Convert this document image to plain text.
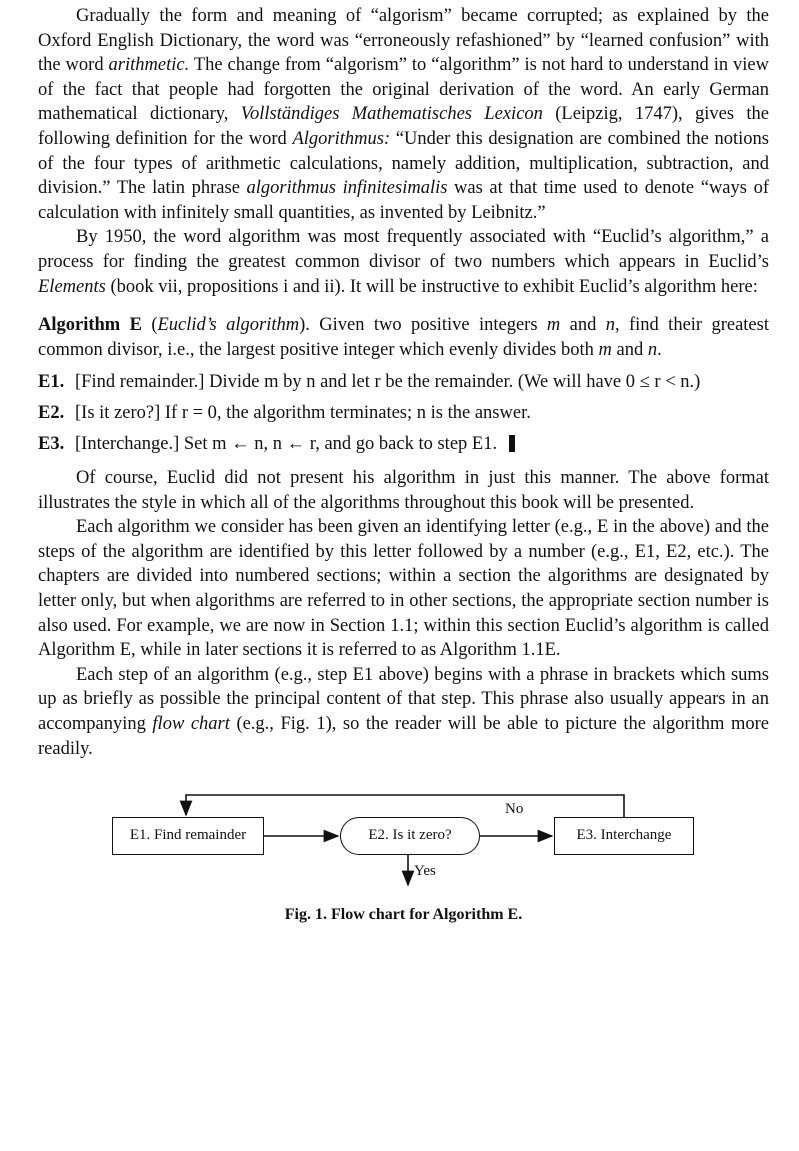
Gradually the form and meaning of “algorism” became corrupted; as explained by the Oxford English Dictionary, the word was “erroneously refashioned” by “learned confusion” with the word arithmetic. The change from “algorism” to “algorithm” is not hard to understand in view of the fact that people had forgotten the original derivation of the word. An early German mathematical dictionary, Vollständiges Mathematisches Lexicon (Leipzig, 1747), gives the following definition for the word Algorithmus: “Under this designation are combined the notions of the four types of arithmetic calculations, namely addition, multiplication, subtraction, and division.” The latin phrase algorithmus infinitesimalis was at that time used to denote “ways of calculation with infinitely small quantities, as invented by Leibnitz.”

By 1950, the word algorithm was most frequently associated with “Euclid’s algorithm,” a process for finding the greatest common divisor of two numbers which appears in Euclid’s Elements (book vii, propositions i and ii). It will be instructive to exhibit Euclid’s algorithm here:

Algorithm E (Euclid’s algorithm). Given two positive integers m and n, find their greatest common divisor, i.e., the largest positive integer which evenly divides both m and n.

E1. [Find remainder.] Divide m by n and let r be the remainder. (We will have 0 ≤ r < n.)
E2. [Is it zero?] If r = 0, the algorithm terminates; n is the answer.
E3. [Interchange.] Set m ← n, n ← r, and go back to step E1.

Of course, Euclid did not present his algorithm in just this manner. The above format illustrates the style in which all of the algorithms throughout this book will be presented.

Each algorithm we consider has been given an identifying letter (e.g., E in the above) and the steps of the algorithm are identified by this letter followed by a number (e.g., E1, E2, etc.). The chapters are divided into numbered sections; within a section the algorithms are designated by letter only, but when algorithms are referred to in other sections, the appropriate section number is also used. For example, we are now in Section 1.1; within this section Euclid’s algorithm is called Algorithm E, while in later sections it is referred to as Algorithm 1.1E.

Each step of an algorithm (e.g., step E1 above) begins with a phrase in brackets which sums up as briefly as possible the principal content of that step. This phrase also usually appears in an accompanying flow chart (e.g., Fig. 1), so the reader will be able to picture the algorithm more readily.

E1. Find remainder	E2. Is it zero?	E3. Interchange
No
Yes
Fig. 1. Flow chart for Algorithm E.
